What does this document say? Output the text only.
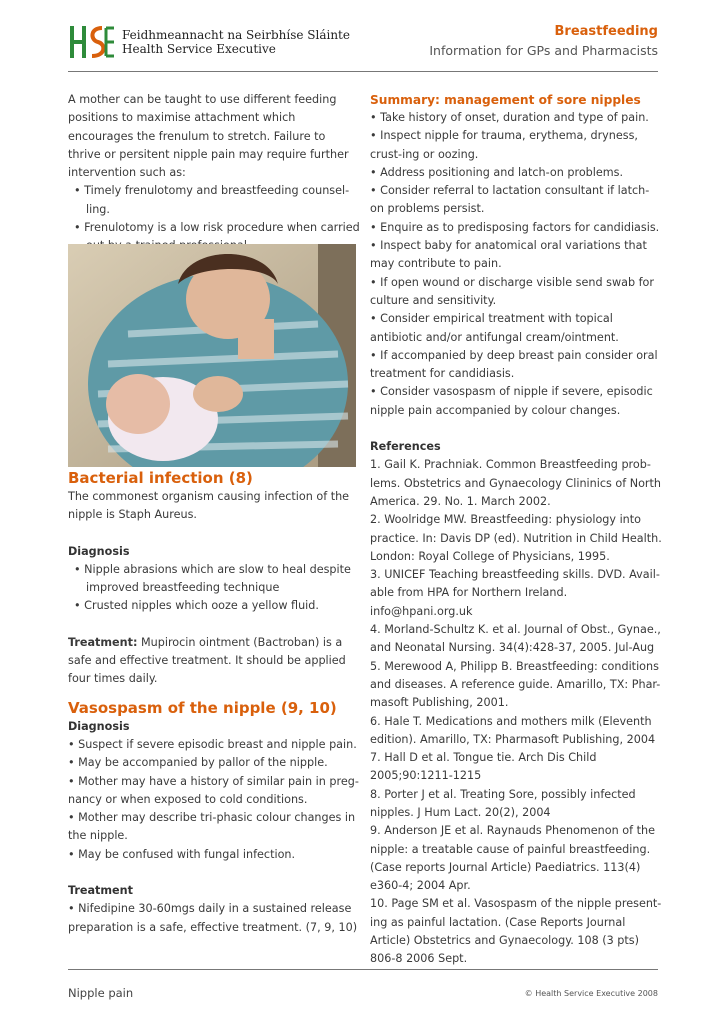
Feidhmeannacht na Seirbhíse Sláinte
Health Service Executive
Breastfeeding
Information for GPs and Pharmacists

A mother can be taught to use different feeding positions to maximise attachment which encourages the frenulum to stretch. Failure to thrive or persitent nipple pain may require further intervention such as:

• Timely frenulotomy and breastfeeding counsel-ling.

• Frenulotomy is a low risk procedure when carried

Bacterial infection (8)

The commonest organism causing infection of the nipple is Staph Aureus.

Diagnosis

• Nipple abrasions which are slow to heal despite improved breastfeeding technique

• Crusted nipples which ooze a yellow fluid.

Treatment: Mupirocin ointment (Bactroban) is a safe and effective treatment. It should be applied four times daily.

Vasospasm of the nipple (9, 10)

Diagnosis

• Suspect if severe episodic breast and nipple pain.

• May be accompanied by pallor of the nipple.

• Mother may have a history of similar pain in preg-nancy or when exposed to cold conditions.

• Mother may describe tri-phasic colour changes in the nipple.

• May be confused with fungal infection.

Treatment

• Nifedipine 30-60mgs daily in a sustained release preparation is a safe, effective treatment. (7, 9, 10)

Summary: management of sore nipples

• Take history of onset, duration and type of pain.

• Inspect nipple for trauma, erythema, dryness, crust-ing or oozing.

• Address positioning and latch-on problems.

• Consider referral to lactation consultant if latch-on problems persist.

• Enquire as to predisposing factors for candidiasis.

• Inspect baby for anatomical oral variations that may contribute to pain.

• If open wound or discharge visible send swab for culture and sensitivity.

• Consider empirical treatment with topical antibiotic and/or antifungal cream/ointment.

• If accompanied by deep breast pain consider oral treatment for candidiasis.

• Consider vasospasm of nipple if severe, episodic nipple pain accompanied by colour changes.

References

1. Gail K. Prachniak. Common Breastfeeding prob-lems. Obstetrics and Gynaecology Clininics of North America. 29. No. 1. March 2002.

2. Woolridge MW. Breastfeeding: physiology into practice. In: Davis DP (ed). Nutrition in Child Health. London: Royal College of Physicians, 1995.

3. UNICEF Teaching breastfeeding skills. DVD. Avail-able from HPA for Northern Ireland. info@hpani.org.uk

4. Morland-Schultz K. et al. Journal of Obst., Gynae., and Neonatal Nursing. 34(4):428-37, 2005. Jul-Aug

5. Merewood A, Philipp B. Breastfeeding: conditions and diseases. A reference guide. Amarillo, TX: Phar-masoft Publishing, 2001.

6. Hale T. Medications and mothers milk (Eleventh edition). Amarillo, TX: Pharmasoft Publishing, 2004

7. Hall D et al. Tongue tie. Arch Dis Child 2005;90:1211-1215

8. Porter J et al. Treating Sore, possibly infected nipples. J Hum Lact. 20(2), 2004

9. Anderson JE et al. Raynauds Phenomenon of the nipple: a treatable cause of painful breastfeeding. (Case reports Journal Article) Paediatrics. 113(4) e360-4; 2004 Apr.

10. Page SM et al. Vasospasm of the nipple present-ing as painful lactation. (Case Reports Journal Article) Obstetrics and Gynaecology. 108 (3 pts) 806-8 2006 Sept.

Nipple pain	© Health Service Executive 2008
